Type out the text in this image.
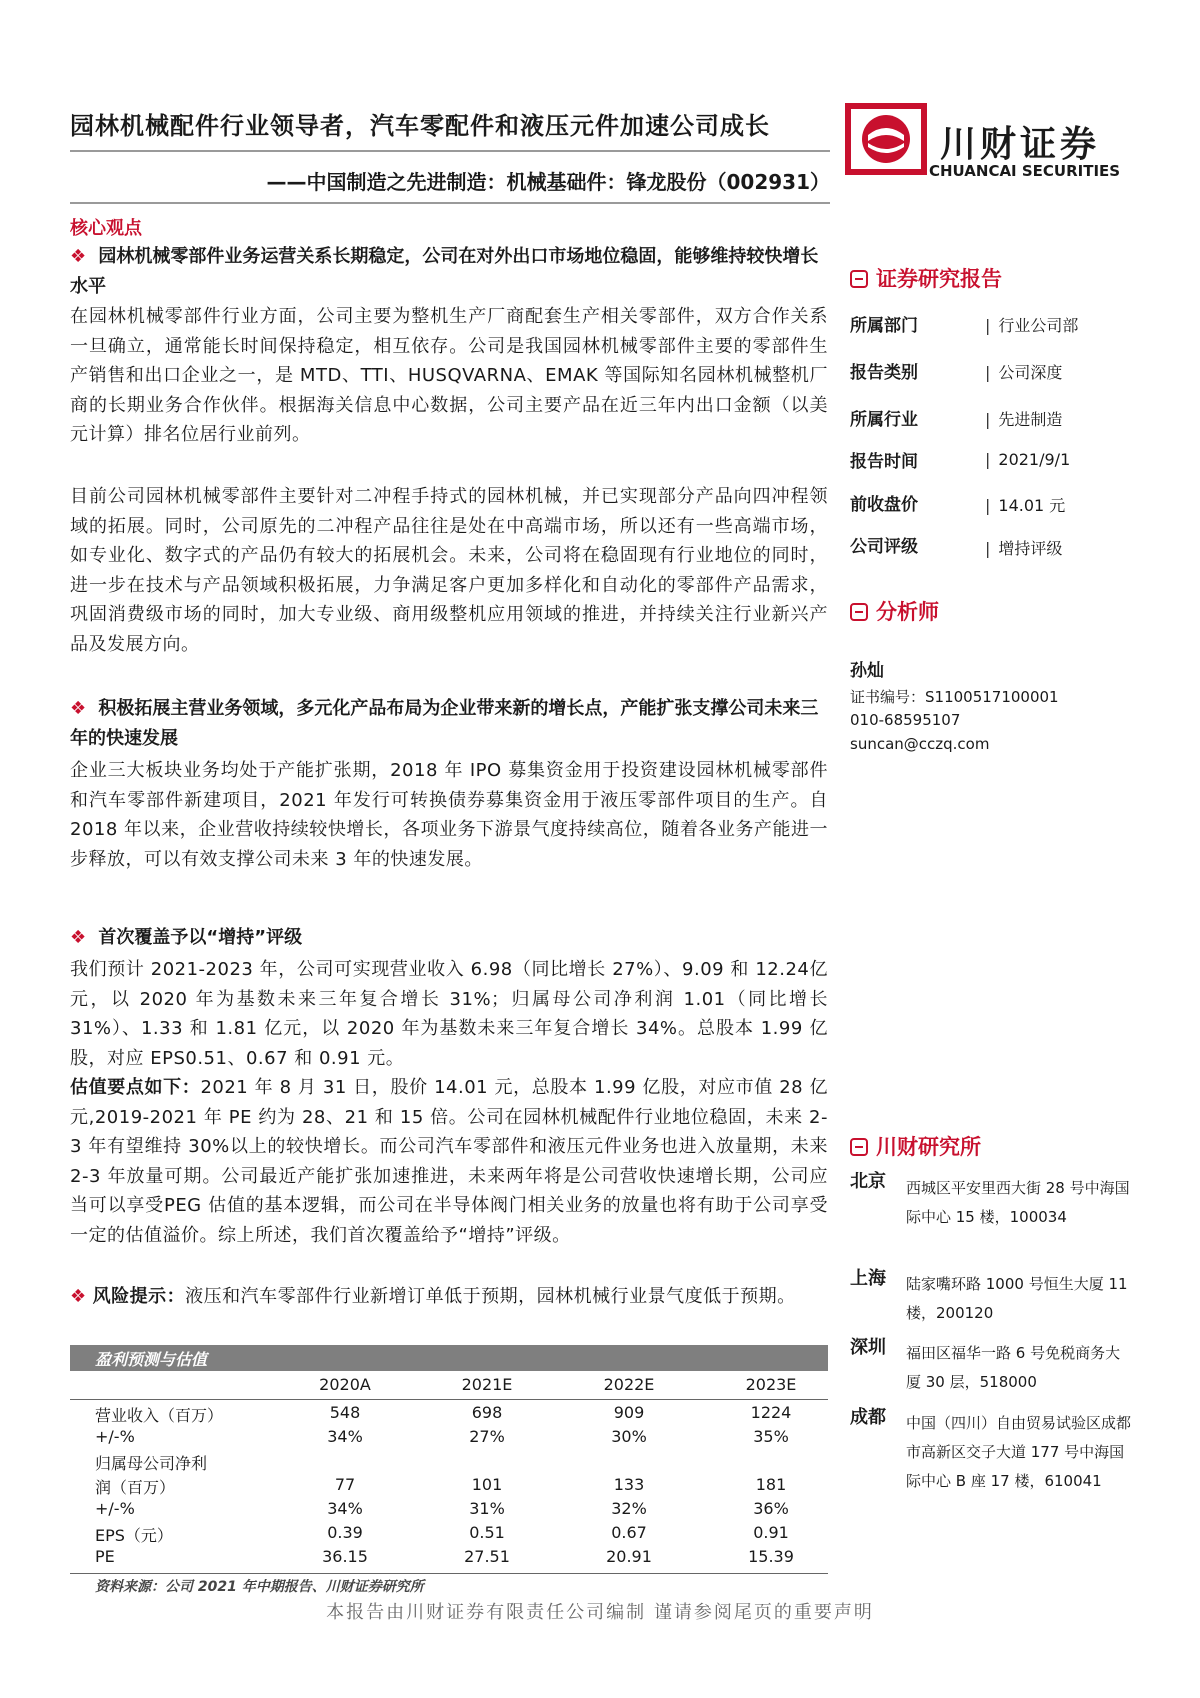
园林机械配件行业领导者，汽车零配件和液压元件加速公司成长
——中国制造之先进制造：机械基础件：锋龙股份（002931）
川财证券
CHUANCAI SECURITIES
核心观点
❖ 园林机械零部件业务运营关系长期稳定，公司在对外出口市场地位稳固，能够维持较快增长水平
在园林机械零部件行业方面，公司主要为整机生产厂商配套生产相关零部件，双方合作关系一旦确立，通常能长时间保持稳定，相互依存。公司是我国园林机械零部件主要的零部件生产销售和出口企业之一，是 MTD、TTI、HUSQVARNA、EMAK 等国际知名园林机械整机厂商的长期业务合作伙伴。根据海关信息中心数据，公司主要产品在近三年内出口金额（以美元计算）排名位居行业前列。
目前公司园林机械零部件主要针对二冲程手持式的园林机械，并已实现部分产品向四冲程领域的拓展。同时，公司原先的二冲程产品往往是处在中高端市场，所以还有一些高端市场，如专业化、数字式的产品仍有较大的拓展机会。未来，公司将在稳固现有行业地位的同时，进一步在技术与产品领域积极拓展，力争满足客户更加多样化和自动化的零部件产品需求，巩固消费级市场的同时，加大专业级、商用级整机应用领域的推进，并持续关注行业新兴产品及发展方向。
❖ 积极拓展主营业务领域，多元化产品布局为企业带来新的增长点，产能扩张支撑公司未来三年的快速发展
企业三大板块业务均处于产能扩张期，2018 年 IPO 募集资金用于投资建设园林机械零部件和汽车零部件新建项目，2021 年发行可转换债券募集资金用于液压零部件项目的生产。自 2018 年以来，企业营收持续较快增长，各项业务下游景气度持续高位，随着各业务产能进一步释放，可以有效支撑公司未来 3 年的快速发展。
❖ 首次覆盖予以“增持”评级
我们预计 2021-2023 年，公司可实现营业收入 6.98（同比增长 27%）、9.09 和 12.24亿元，以 2020 年为基数未来三年复合增长 31%；归属母公司净利润 1.01（同比增长 31%）、1.33 和 1.81 亿元，以 2020 年为基数未来三年复合增长 34%。总股本 1.99 亿股，对应 EPS0.51、0.67 和 0.91 元。
估值要点如下：2021 年 8 月 31 日，股价 14.01 元，总股本 1.99 亿股，对应市值 28 亿元,2019-2021 年 PE 约为 28、21 和 15 倍。公司在园林机械配件行业地位稳固，未来 2-3 年有望维持 30%以上的较快增长。而公司汽车零部件和液压元件业务也进入放量期，未来 2-3 年放量可期。公司最近产能扩张加速推进，未来两年将是公司营收快速增长期，公司应当可以享受PEG 估值的基本逻辑，而公司在半导体阀门相关业务的放量也将有助于公司享受一定的估值溢价。综上所述，我们首次覆盖给予“增持”评级。
❖ 风险提示：液压和汽车零部件行业新增订单低于预期，园林机械行业景气度低于预期。
盈利预测与估值
2020A	2021E	2022E	2023E
营业收入（百万）	548	698	909	1224
+/-%	34%	27%	30%	35%
归属母公司净利
润（百万）	77	101	133	181
+/-%	34%	31%	32%	36%
EPS（元）	0.39	0.51	0.67	0.91
PE	36.15	27.51	20.91	15.39
资料来源：公司 2021 年中期报告、川财证券研究所
证券研究报告
所属部门	| 行业公司部
报告类别	| 公司深度
所属行业	| 先进制造
报告时间	| 2021/9/1
前收盘价	| 14.01 元
公司评级	| 增持评级
分析师
孙灿
证书编号：S1100517100001
010-68595107
suncan@cczq.com
川财研究所
北京 西城区平安里西大街 28 号中海国际中心 15 楼，100034
上海 陆家嘴环路 1000 号恒生大厦 11 楼，200120
深圳 福田区福华一路 6 号免税商务大厦 30 层，518000
成都 中国（四川）自由贸易试验区成都市高新区交子大道 177 号中海国际中心 B 座 17 楼，610041
本报告由川财证券有限责任公司编制 谨请参阅尾页的重要声明
